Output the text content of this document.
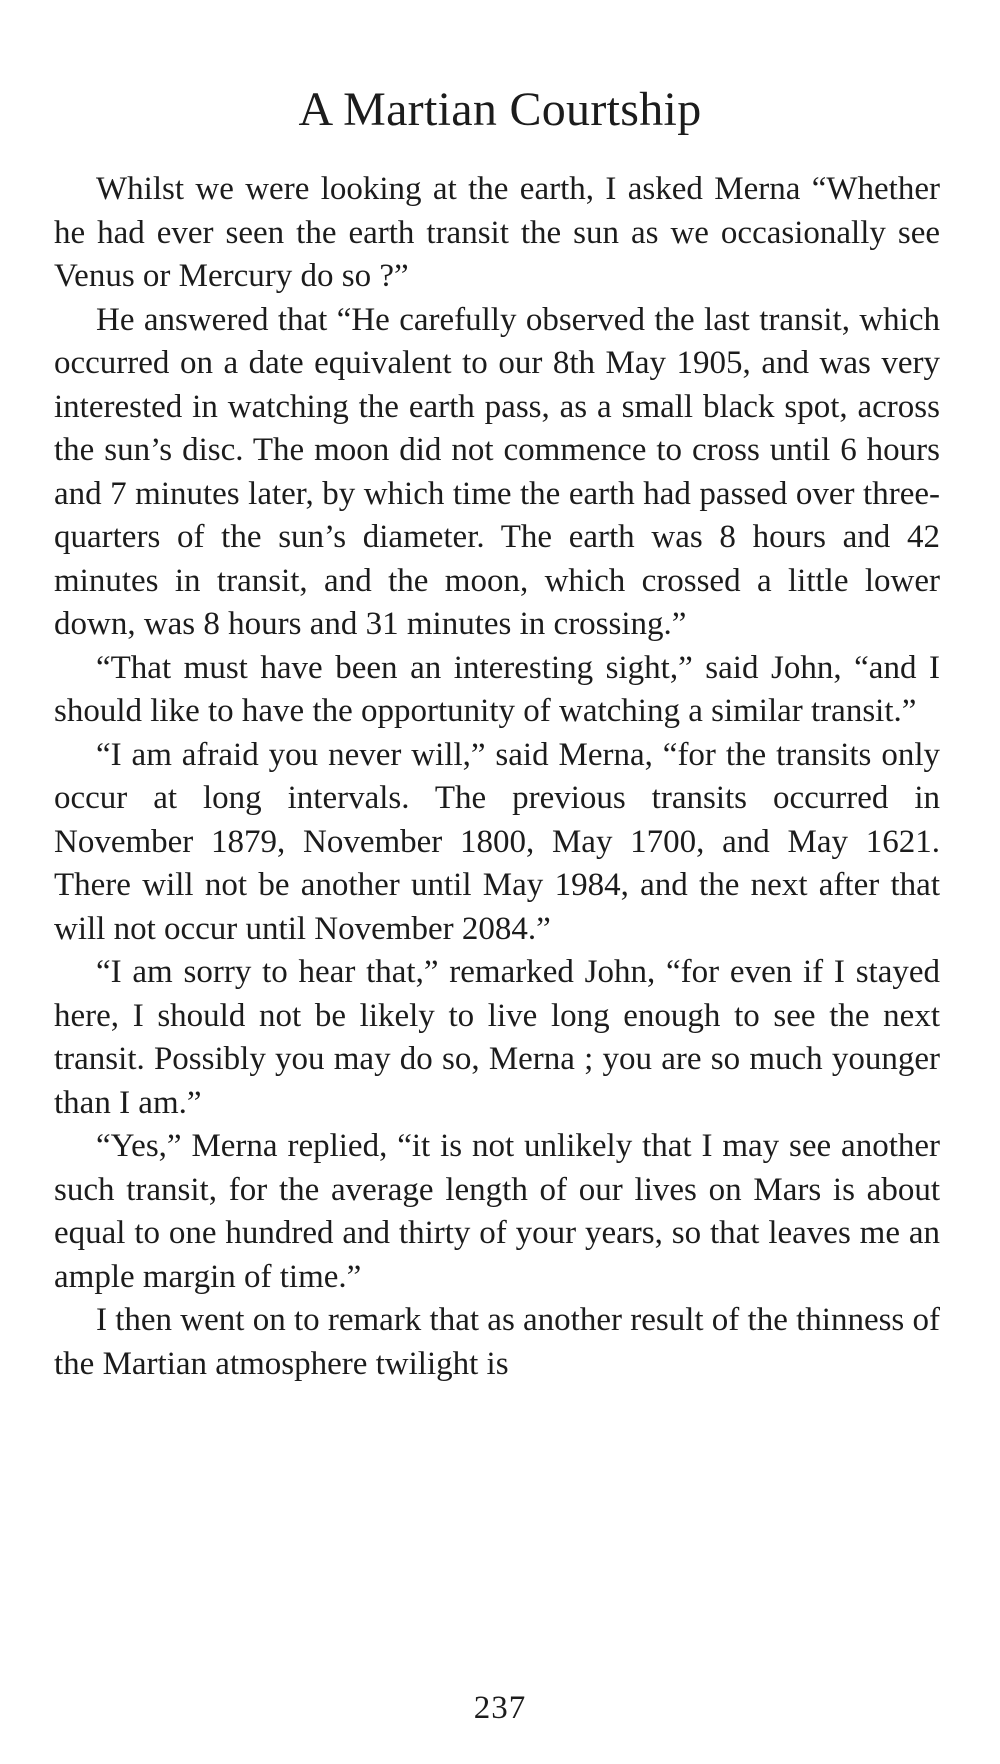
A Martian Courtship

Whilst we were looking at the earth, I asked Merna “Whether he had ever seen the earth transit the sun as we occasionally see Venus or Mercury do so ?”

He answered that “He carefully observed the last transit, which occurred on a date equivalent to our 8th May 1905, and was very interested in watching the earth pass, as a small black spot, across the sun’s disc. The moon did not commence to cross until 6 hours and 7 minutes later, by which time the earth had passed over three-quarters of the sun’s diameter. The earth was 8 hours and 42 minutes in transit, and the moon, which crossed a little lower down, was 8 hours and 31 minutes in crossing.”

“That must have been an interesting sight,” said John, “and I should like to have the opportunity of watching a similar transit.”

“I am afraid you never will,” said Merna, “for the transits only occur at long intervals. The previous transits occurred in November 1879, November 1800, May 1700, and May 1621. There will not be another until May 1984, and the next after that will not occur until November 2084.”

“I am sorry to hear that,” remarked John, “for even if I stayed here, I should not be likely to live long enough to see the next transit. Possibly you may do so, Merna ; you are so much younger than I am.”

“Yes,” Merna replied, “it is not unlikely that I may see another such transit, for the average length of our lives on Mars is about equal to one hundred and thirty of your years, so that leaves me an ample margin of time.”

I then went on to remark that as another result of the thinness of the Martian atmosphere twilight is

237
